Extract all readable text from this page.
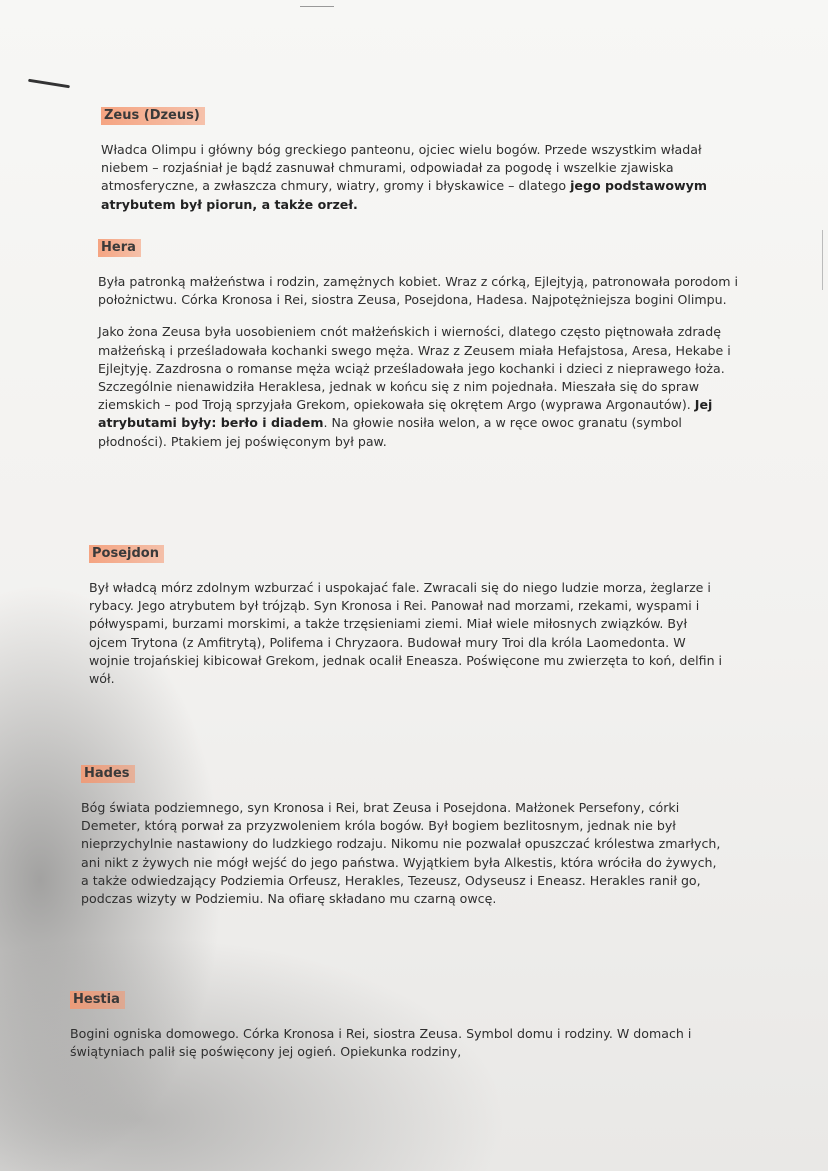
Zeus (Dzeus)

Władca Olimpu i główny bóg greckiego panteonu, ojciec wielu bogów. Przede wszystkim władał niebem – rozjaśniał je bądź zasnuwał chmurami, odpowiadał za pogodę i wszelkie zjawiska atmosferyczne, a zwłaszcza chmury, wiatry, gromy i błyskawice – dlatego jego podstawowym atrybutem był piorun, a także orzeł.

Hera

Była patronką małżeństwa i rodzin, zamężnych kobiet. Wraz z córką, Ejlejtyją, patronowała porodom i położnictwu. Córka Kronosa i Rei, siostra Zeusa, Posejdona, Hadesa. Najpotężniejsza bogini Olimpu.

Jako żona Zeusa była uosobieniem cnót małżeńskich i wierności, dlatego często piętnowała zdradę małżeńską i prześladowała kochanki swego męża. Wraz z Zeusem miała Hefajstosa, Aresa, Hekabe i Ejlejtyję. Zazdrosna o romanse męża wciąż prześladowała jego kochanki i dzieci z nieprawego łoża. Szczególnie nienawidziła Heraklesa, jednak w końcu się z nim pojednała. Mieszała się do spraw ziemskich – pod Troją sprzyjała Grekom, opiekowała się okrętem Argo (wyprawa Argonautów). Jej atrybutami były: berło i diadem. Na głowie nosiła welon, a w ręce owoc granatu (symbol płodności). Ptakiem jej poświęconym był paw.

Posejdon

Był władcą mórz zdolnym wzburzać i uspokajać fale. Zwracali się do niego ludzie morza, żeglarze i rybacy. Jego atrybutem był trójząb. Syn Kronosa i Rei. Panował nad morzami, rzekami, wyspami i półwyspami, burzami morskimi, a także trzęsieniami ziemi. Miał wiele miłosnych związków. Był ojcem Trytona (z Amfitrytą), Polifema i Chryzaora. Budował mury Troi dla króla Laomedonta. W wojnie trojańskiej kibicował Grekom, jednak ocalił Eneasza. Poświęcone mu zwierzęta to koń, delfin i wół.

Hades

Bóg świata podziemnego, syn Kronosa i Rei, brat Zeusa i Posejdona. Małżonek Persefony, córki Demeter, którą porwał za przyzwoleniem króla bogów. Był bogiem bezlitosnym, jednak nie był nieprzychylnie nastawiony do ludzkiego rodzaju. Nikomu nie pozwalał opuszczać królestwa zmarłych, ani nikt z żywych nie mógł wejść do jego państwa. Wyjątkiem była Alkestis, która wróciła do żywych, a także odwiedzający Podziemia Orfeusz, Herakles, Tezeusz, Odyseusz i Eneasz. Herakles ranił go, podczas wizyty w Podziemiu. Na ofiarę składano mu czarną owcę.

Hestia

Bogini ogniska domowego. Córka Kronosa i Rei, siostra Zeusa. Symbol domu i rodziny. W domach i świątyniach palił się poświęcony jej ogień. Opiekunka rodziny,
